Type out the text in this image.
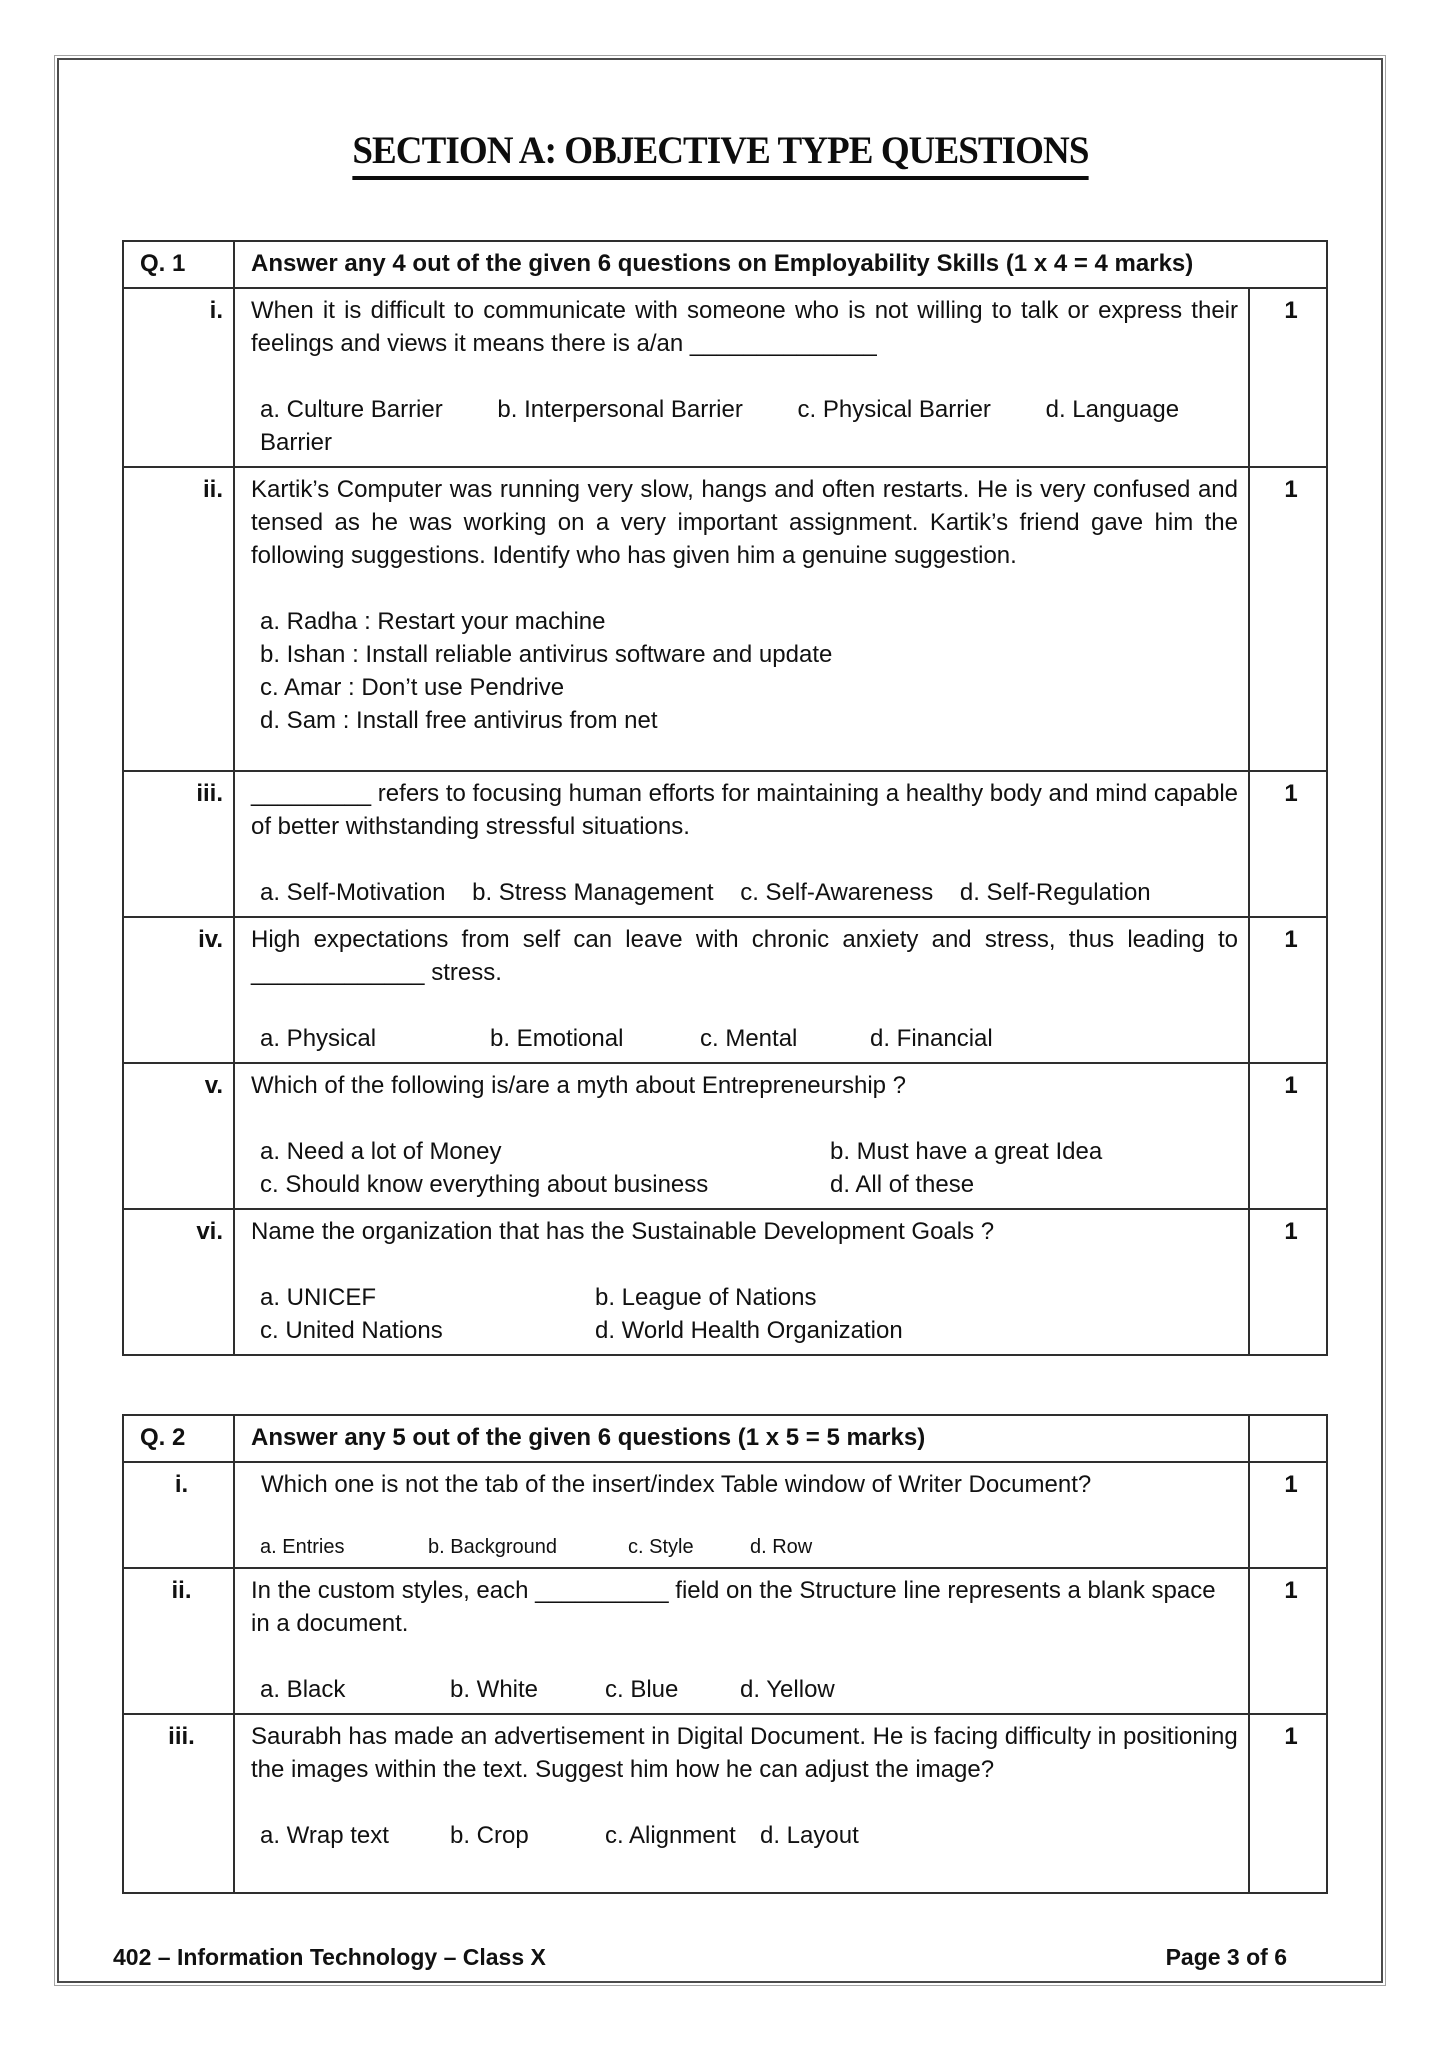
SECTION A: OBJECTIVE TYPE QUESTIONS
Q. 1	Answer any 4 out of the given 6 questions on Employability Skills (1 x 4 = 4 marks)	
i.	When it is difficult to communicate with someone who is not willing to talk or express their feelings and views it means there is a/an ______________
a. Culture Barrier b. Interpersonal Barrier c. Physical Barrier d. Language Barrier	1
ii.	Kartik’s Computer was running very slow, hangs and often restarts. He is very confused and tensed as he was working on a very important assignment. Kartik’s friend gave him the following suggestions. Identify who has given him a genuine suggestion.
a. Radha : Restart your machine
b. Ishan : Install reliable antivirus software and update
c. Amar : Don’t use Pendrive
d. Sam : Install free antivirus from net	1
iii.	_________ refers to focusing human efforts for maintaining a healthy body and mind capable of better withstanding stressful situations.
a. Self-Motivation b. Stress Management c. Self-Awareness d. Self-Regulation	1
iv.	High expectations from self can leave with chronic anxiety and stress, thus leading to _____________ stress.
a. Physical b. Emotional c. Mental d. Financial	1
v.	Which of the following is/are a myth about Entrepreneurship ?
a. Need a lot of Money b. Must have a great Idea
c. Should know everything about business d. All of these	1
vi.	Name the organization that has the Sustainable Development Goals ?
a. UNICEF b. League of Nations
c. United Nations d. World Health Organization	1
Q. 2	Answer any 5 out of the given 6 questions (1 x 5 = 5 marks)	
i.	Which one is not the tab of the insert/index Table window of Writer Document?
a. Entries b. Background c. Style d. Row	1
ii.	In the custom styles, each __________ field on the Structure line represents a blank space in a document.
a. Black b. White c. Blue d. Yellow	1
iii.	Saurabh has made an advertisement in Digital Document. He is facing difficulty in positioning the images within the text. Suggest him how he can adjust the image?
a. Wrap text b. Crop c. Alignment d. Layout	1
402 – Information Technology – Class X	Page 3 of 6
